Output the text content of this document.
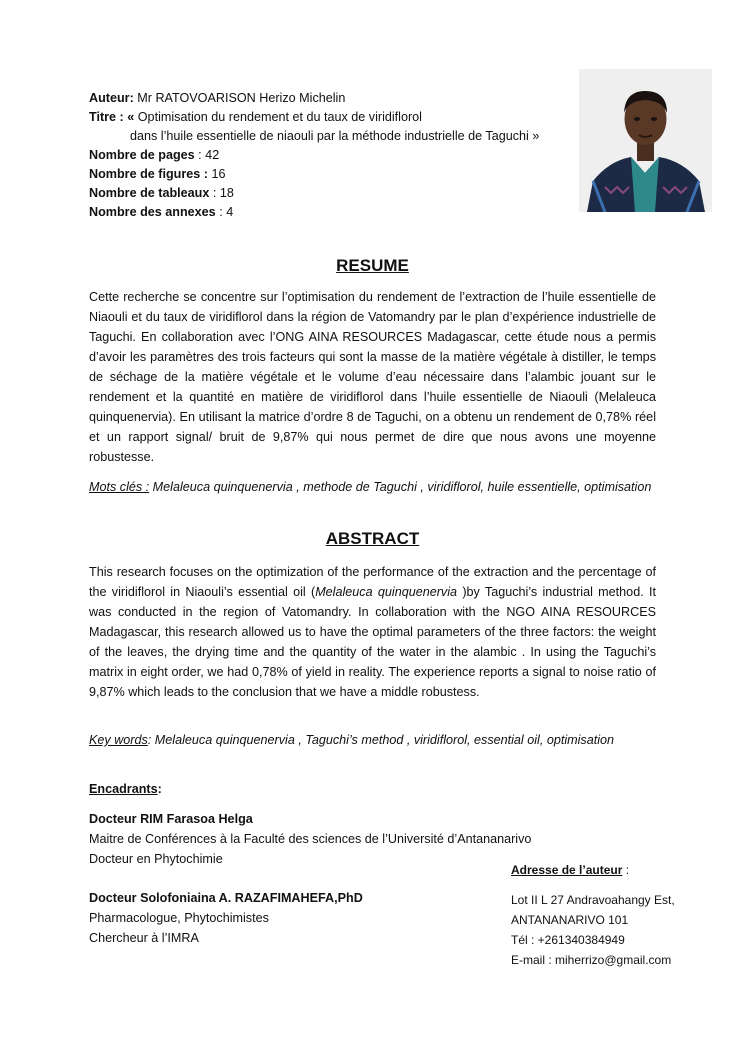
Auteur: Mr RATOVOARISON Herizo Michelin
Titre : « Optimisation du rendement et du taux de viridiflorol
dans l’huile essentielle de niaouli par la méthode industrielle de Taguchi »
Nombre de pages : 42
Nombre de figures : 16
Nombre de tableaux : 18
Nombre des annexes : 4
RESUME

Cette recherche se concentre sur l’optimisation du rendement de l’extraction de l’huile essentielle de Niaouli et du taux de viridiflorol dans la région de Vatomandry par le plan d’expérience industrielle de Taguchi. En collaboration avec l’ONG AINA RESOURCES Madagascar, cette étude nous a permis d’avoir les paramètres des trois facteurs qui sont la masse de la matière végétale à distiller, le temps de séchage de la matière végétale et le volume d’eau nécessaire dans l’alambic jouant sur le rendement et la quantité en matière de viridiflorol dans l’huile essentielle de Niaouli (Melaleuca quinquenervia). En utilisant la matrice d’ordre 8 de Taguchi, on a obtenu un rendement de 0,78% réel et un rapport signal/ bruit de 9,87% qui nous permet de dire que nous avons une moyenne robustesse.

Mots clés : Melaleuca quinquenervia , methode de Taguchi , viridiflorol, huile essentielle, optimisation
ABSTRACT

This research focuses on the optimization of the performance of the extraction and the percentage of the viridiflorol in Niaouli’s essential oil (Melaleuca quinquenervia )by Taguchi’s industrial method. It was conducted in the region of Vatomandry. In collaboration with the NGO AINA RESOURCES Madagascar, this research allowed us to have the optimal parameters of the three factors: the weight of the leaves, the drying time and the quantity of the water in the alambic . In using the Taguchi’s matrix in eight order, we had 0,78% of yield in reality. The experience reports a signal to noise ratio of 9,87% which leads to the conclusion that we have a middle robustess.

Key words: Melaleuca quinquenervia , Taguchi’s method , viridiflorol, essential oil, optimisation
Encadrants:
Docteur RIM Farasoa Helga
Maitre de Conférences à la Faculté des sciences de l’Université d’Antananarivo
Docteur en Phytochimie
Docteur Solofoniaina A. RAZAFIMAHEFA,PhD
Pharmacologue, Phytochimistes
Chercheur à l’IMRA
Adresse de l’auteur :
Lot II L 27 Andravoahangy Est,
ANTANANARIVO 101
Tél : +261340384949
E-mail : miherrizo@gmail.com
